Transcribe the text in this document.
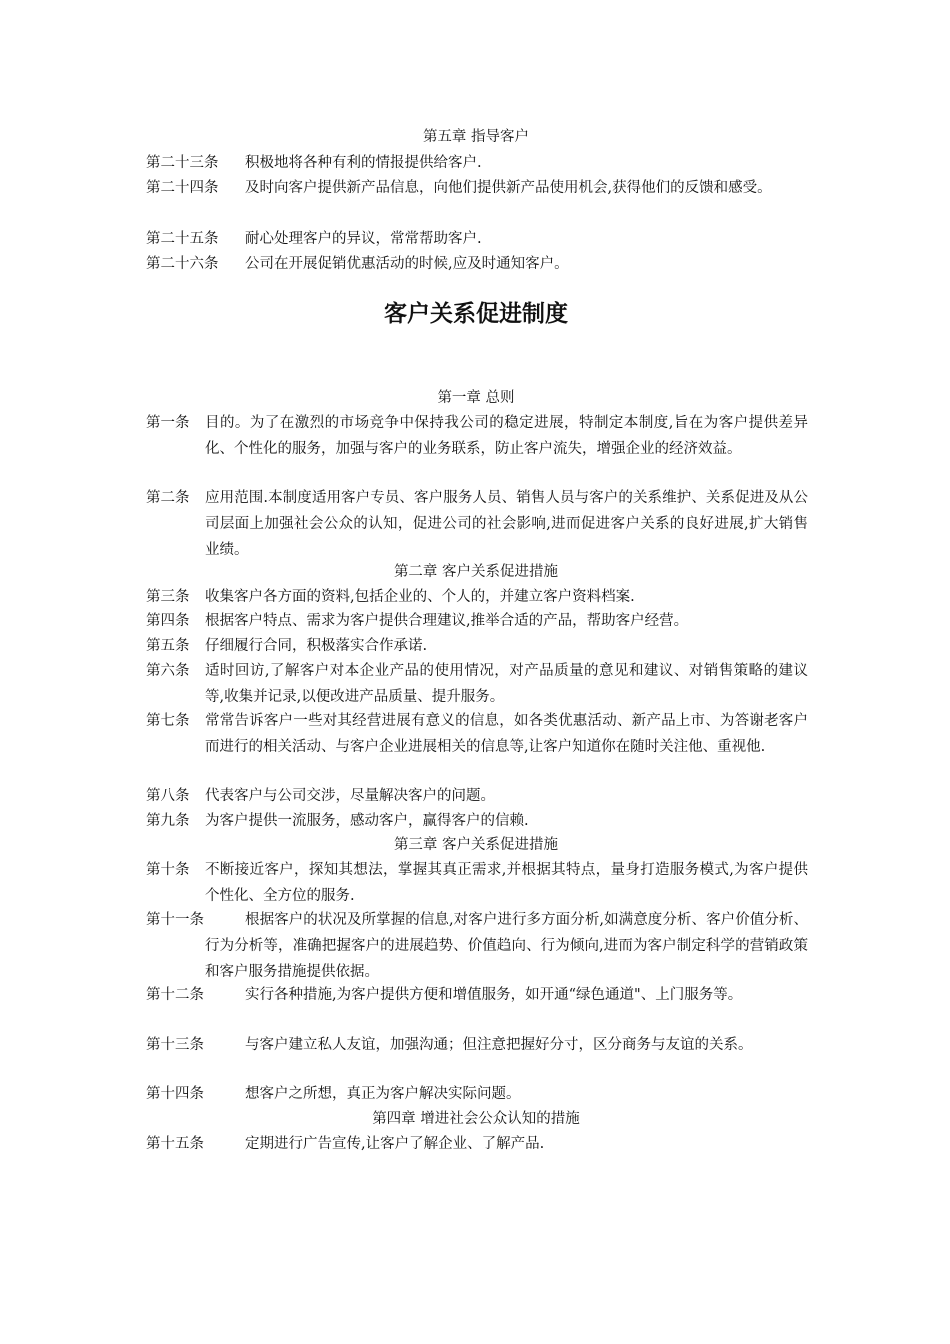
第五章 指导客户
第二十三条	积极地将各种有利的情报提供给客户.
第二十四条	及时向客户提供新产品信息，向他们提供新产品使用机会,获得他们的反馈和感受。
第二十五条	耐心处理客户的异议，常常帮助客户.
第二十六条	公司在开展促销优惠活动的时候,应及时通知客户。
客户关系促进制度
第一章 总则
第一条	目的。为了在激烈的市场竞争中保持我公司的稳定进展，特制定本制度,旨在为客户提供差异化、个性化的服务，加强与客户的业务联系，防止客户流失，增强企业的经济效益。
第二条	应用范围.本制度适用客户专员、客户服务人员、销售人员与客户的关系维护、关系促进及从公司层面上加强社会公众的认知，促进公司的社会影响,进而促进客户关系的良好进展,扩大销售业绩。
第二章 客户关系促进措施
第三条	收集客户各方面的资料,包括企业的、个人的，并建立客户资料档案.
第四条	根据客户特点、需求为客户提供合理建议,推举合适的产品，帮助客户经营。
第五条	仔细履行合同，积极落实合作承诺.
第六条	适时回访,了解客户对本企业产品的使用情况，对产品质量的意见和建议、对销售策略的建议等,收集并记录,以便改进产品质量、提升服务。
第七条	常常告诉客户一些对其经营进展有意义的信息，如各类优惠活动、新产品上市、为答谢老客户而进行的相关活动、与客户企业进展相关的信息等,让客户知道你在随时关注他、重视他.
第八条	代表客户与公司交涉，尽量解决客户的问题。
第九条	为客户提供一流服务，感动客户，赢得客户的信赖.
第三章 客户关系促进措施
第十条	不断接近客户，探知其想法，掌握其真正需求,并根据其特点，量身打造服务模式,为客户提供个性化、全方位的服务.
第十一条	根据客户的状况及所掌握的信息,对客户进行多方面分析,如满意度分析、客户价值分析、行为分析等，准确把握客户的进展趋势、价值趋向、行为倾向,进而为客户制定科学的营销政策和客户服务措施提供依据。
第十二条	实行各种措施,为客户提供方便和增值服务，如开通“绿色通道"、上门服务等。
第十三条	与客户建立私人友谊，加强沟通；但注意把握好分寸，区分商务与友谊的关系。
第十四条	想客户之所想，真正为客户解决实际问题。
第四章 增进社会公众认知的措施
第十五条	定期进行广告宣传,让客户了解企业、了解产品.
